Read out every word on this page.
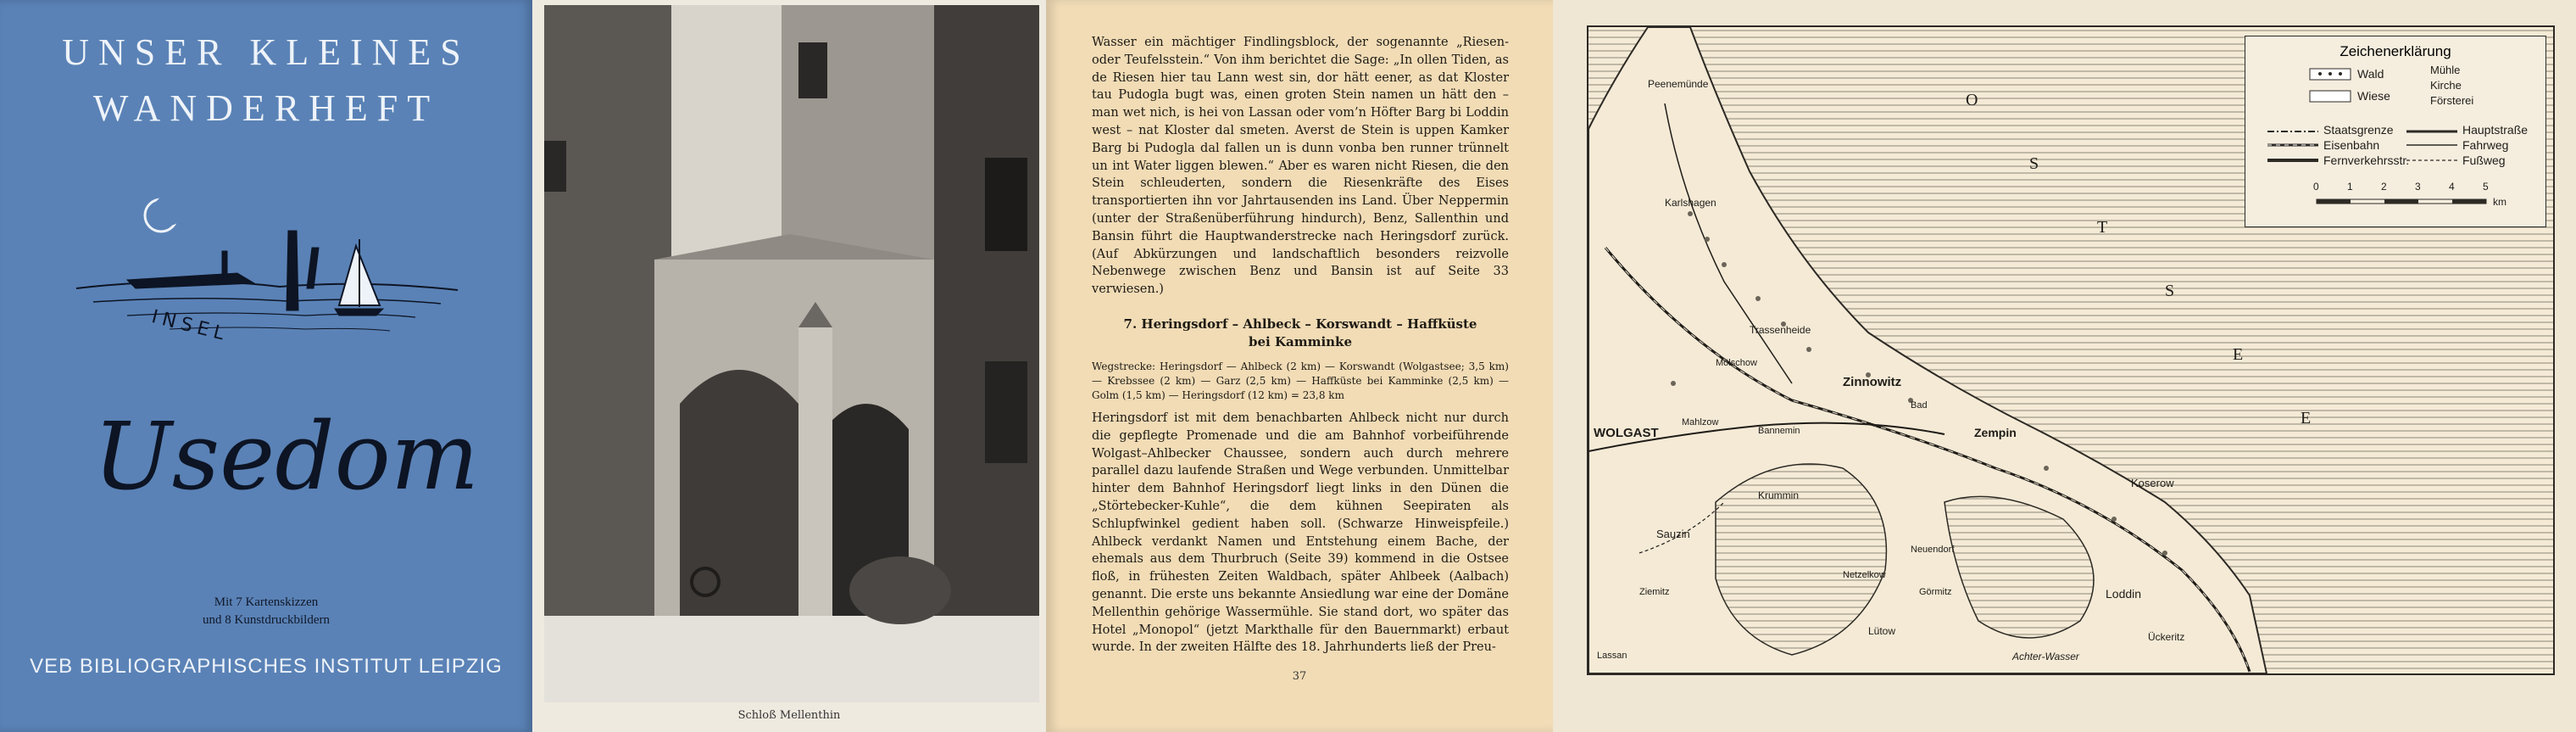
UNSER KLEINES
WANDERHEFT
INSEL
Usedom
Mit 7 Kartenskizzen
und 8 Kunstdruckbildern
VEB BIBLIOGRAPHISCHES INSTITUT LEIPZIG
Schloß Mellenthin

Wasser ein mächtiger Findlingsblock, der sogenannte „Riesen- oder Teufelsstein.“ Von ihm berichtet die Sage: „In ollen Tiden, as de Riesen hier tau Lann west sin, dor hätt eener, as dat Kloster tau Pudogla bugt was, einen groten Stein namen un hätt den – man wet nich, is hei von Lassan oder vom’n Höfter Barg bi Loddin west – nat Kloster dal smeten. Averst de Stein is uppen Kamker Barg bi Pudogla dal fallen un is dunn vonba ben runner trünnelt un int Water liggen blewen.“ Aber es waren nicht Riesen, die den Stein schleuderten, sondern die Riesenkräfte des Eises transportierten ihn vor Jahrtausenden ins Land. Über Neppermin (unter der Straßenüberführung hindurch), Benz, Sallenthin und Bansin führt die Hauptwanderstrecke nach Heringsdorf zurück. (Auf Abkürzungen und landschaftlich besonders reizvolle Nebenwege zwischen Benz und Bansin ist auf Seite 33 verwiesen.)

7. Heringsdorf – Ahlbeck – Korswandt – Haffküste
bei Kamminke

Wegstrecke: Heringsdorf — Ahlbeck (2 km) — Korswandt (Wolgastsee; 3,5 km) — Krebssee (2 km) — Garz (2,5 km) — Haffküste bei Kamminke (2,5 km) — Golm (1,5 km) — Heringsdorf (12 km) = 23,8 km

Heringsdorf ist mit dem benachbarten Ahlbeck nicht nur durch die gepflegte Promenade und die am Bahnhof vorbeiführende Wolgast–Ahlbecker Chaussee, sondern auch durch mehrere parallel dazu laufende Straßen und Wege verbunden. Unmittelbar hinter dem Bahnhof Heringsdorf liegt links in den Dünen die „Störtebecker-Kuhle“, die dem kühnen Seepiraten als Schlupfwinkel gedient haben soll. (Schwarze Hinweispfeile.) Ahlbeck verdankt Namen und Entstehung einem Bache, der ehemals aus dem Thurbruch (Seite 39) kommend in die Ostsee floß, in frühesten Zeiten Waldbach, später Ahlbeek (Aalbach) genannt. Die erste uns bekannte Ansiedlung war eine der Domäne Mellenthin gehörige Wassermühle. Sie stand dort, wo später das Hotel „Monopol“ (jetzt Markthalle für den Bauernmarkt) erbaut wurde. In der zweiten Hälfte des 18. Jahrhunderts ließ der Preu-

37
O
S
T
S
E
E
Peenemünde
Karlshagen
Trassenheide
Mölschow
Zinnowitz
Bad
Zempin
WOLGAST
Mahlzow
Bannemin
Koserow
Krummin
Sauzin
Ziemitz
Neuendorf
Görmitz
Netzelkow
Loddin
Lütow	Ückeritz
Achter-Wasser
Lassan
Zeichenerklärung
Wald
Wiese
Mühle
Kirche
Försterei
Staatsgrenze
Eisenbahn
Fernverkehrsstr.
Hauptstraße
Fahrweg
Fußweg
0	1	2	3	4	5
km
